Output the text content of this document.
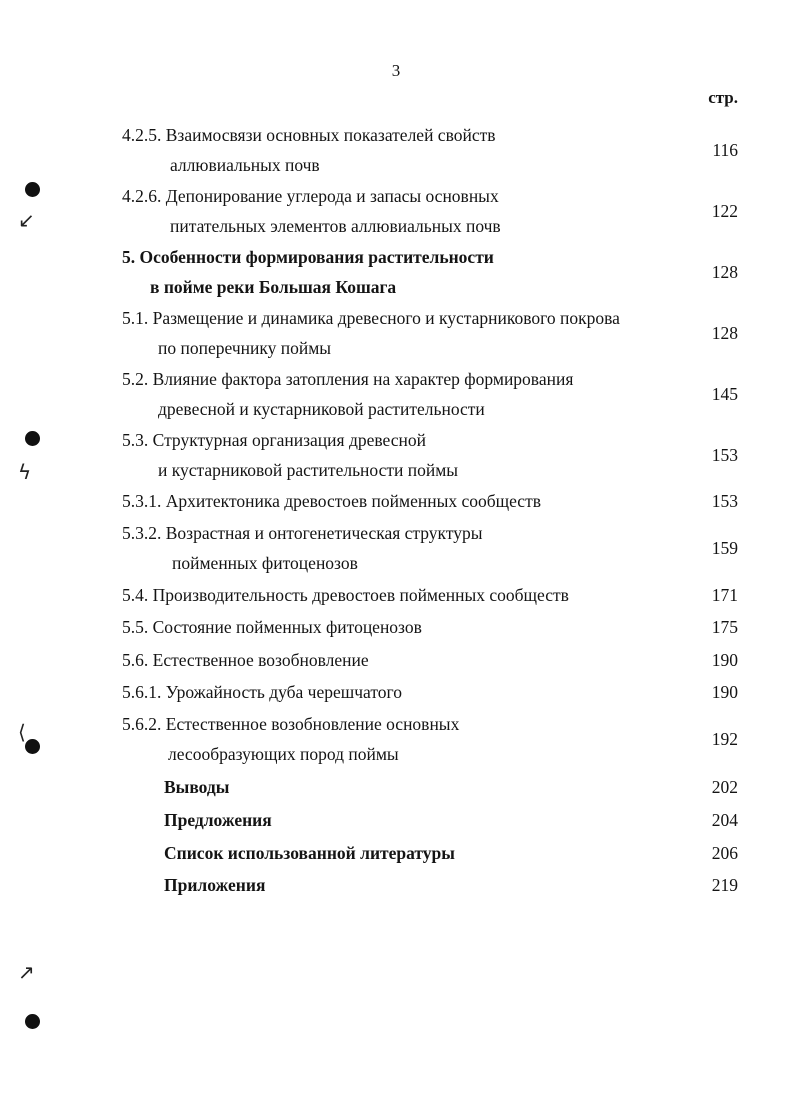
3
стр.
↙
ϟ
⟨
↗
4.2.5. Взаимосвязи основных показателей свойств
аллювиальных почв
116
4.2.6. Депонирование углерода и запасы основных
питательных элементов аллювиальных почв
122
5. Особенности формирования растительности
в пойме реки Большая Кошага
128
5.1. Размещение и динамика древесного и кустарникового покрова
по поперечнику поймы
128
5.2. Влияние фактора затопления на характер формирования
древесной и кустарниковой растительности
145
5.3. Структурная организация древесной
и кустарниковой растительности поймы
153
5.3.1. Архитектоника древостоев пойменных сообществ	153
5.3.2. Возрастная и онтогенетическая структуры
пойменных фитоценозов
159
5.4. Производительность древостоев пойменных сообществ	171
5.5. Состояние пойменных фитоценозов	175
5.6. Естественное возобновление	190
5.6.1. Урожайность дуба черешчатого	190
5.6.2. Естественное возобновление основных
лесообразующих пород поймы
192
Выводы	202
Предложения	204
Список использованной литературы	206
Приложения	219
